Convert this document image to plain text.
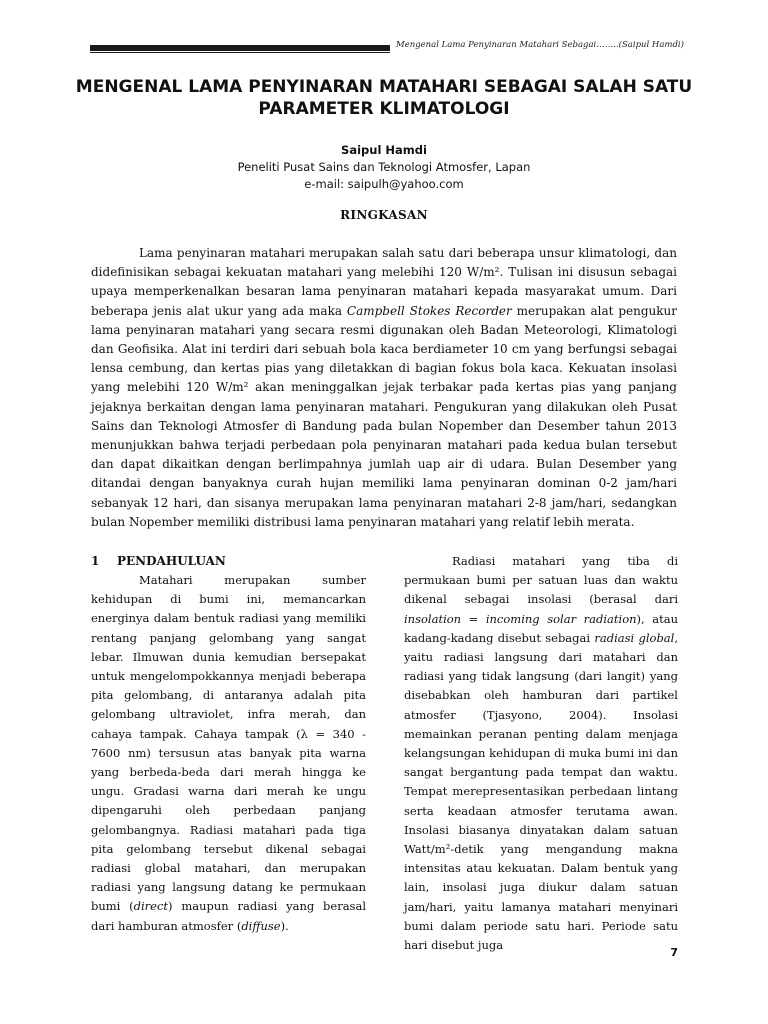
Mengenal Lama Penyinaran Matahari Sebagai……..(Saipul Hamdi)
MENGENAL LAMA PENYINARAN MATAHARI SEBAGAI SALAH SATU
PARAMETER KLIMATOLOGI

Saipul Hamdi

Peneliti Pusat Sains dan Teknologi Atmosfer, Lapan

e-mail: saipulh@yahoo.com

RINGKASAN

Lama penyinaran matahari merupakan salah satu dari beberapa unsur klimatologi, dan didefinisikan sebagai kekuatan matahari yang melebihi 120 W/m². Tulisan ini disusun sebagai upaya memperkenalkan besaran lama penyinaran matahari kepada masyarakat umum. Dari beberapa jenis alat ukur yang ada maka Campbell Stokes Recorder merupakan alat pengukur lama penyinaran matahari yang secara resmi digunakan oleh Badan Meteorologi, Klimatologi dan Geofisika. Alat ini terdiri dari sebuah bola kaca berdiameter 10 cm yang berfungsi sebagai lensa cembung, dan kertas pias yang diletakkan di bagian fokus bola kaca. Kekuatan insolasi yang melebihi 120 W/m² akan meninggalkan jejak terbakar pada kertas pias yang panjang jejaknya berkaitan dengan lama penyinaran matahari. Pengukuran yang dilakukan oleh Pusat Sains dan Teknologi Atmosfer di Bandung pada bulan Nopember dan Desember tahun 2013 menunjukkan bahwa terjadi perbedaan pola penyinaran matahari pada kedua bulan tersebut dan dapat dikaitkan dengan berlimpahnya jumlah uap air di udara. Bulan Desember yang ditandai dengan banyaknya curah hujan memiliki lama penyinaran dominan 0-2 jam/hari sebanyak 12 hari, dan sisanya merupakan lama penyinaran matahari 2-8 jam/hari, sedangkan bulan Nopember memiliki distribusi lama penyinaran matahari yang relatif lebih merata.

1 PENDAHULUAN

Matahari merupakan sumber kehidupan di bumi ini, memancarkan energinya dalam bentuk radiasi yang memiliki rentang panjang gelombang yang sangat lebar. Ilmuwan dunia kemudian bersepakat untuk mengelompokkannya menjadi beberapa pita gelombang, di antaranya adalah pita gelombang ultraviolet, infra merah, dan cahaya tampak. Cahaya tampak (λ = 340 - 7600 nm) tersusun atas banyak pita warna yang berbeda-beda dari merah hingga ke ungu. Gradasi warna dari merah ke ungu dipengaruhi oleh perbedaan panjang gelombangnya. Radiasi matahari pada tiga pita gelombang tersebut dikenal sebagai radiasi global matahari, dan merupakan radiasi yang langsung datang ke permukaan bumi (direct) maupun radiasi yang berasal dari hamburan atmosfer (diffuse).

Radiasi matahari yang tiba di permukaan bumi per satuan luas dan waktu dikenal sebagai insolasi (berasal dari insolation = incoming solar radiation), atau kadang-kadang disebut sebagai radiasi global, yaitu radiasi langsung dari matahari dan radiasi yang tidak langsung (dari langit) yang disebabkan oleh hamburan dari partikel atmosfer (Tjasyono, 2004). Insolasi memainkan peranan penting dalam menjaga kelangsungan kehidupan di muka bumi ini dan sangat bergantung pada tempat dan waktu. Tempat merepresentasikan perbedaan lintang serta keadaan atmosfer terutama awan. Insolasi biasanya dinyatakan dalam satuan Watt/m²-detik yang mengandung makna intensitas atau kekuatan. Dalam bentuk yang lain, insolasi juga diukur dalam satuan jam/hari, yaitu lamanya matahari menyinari bumi dalam periode satu hari. Periode satu hari disebut juga

7
